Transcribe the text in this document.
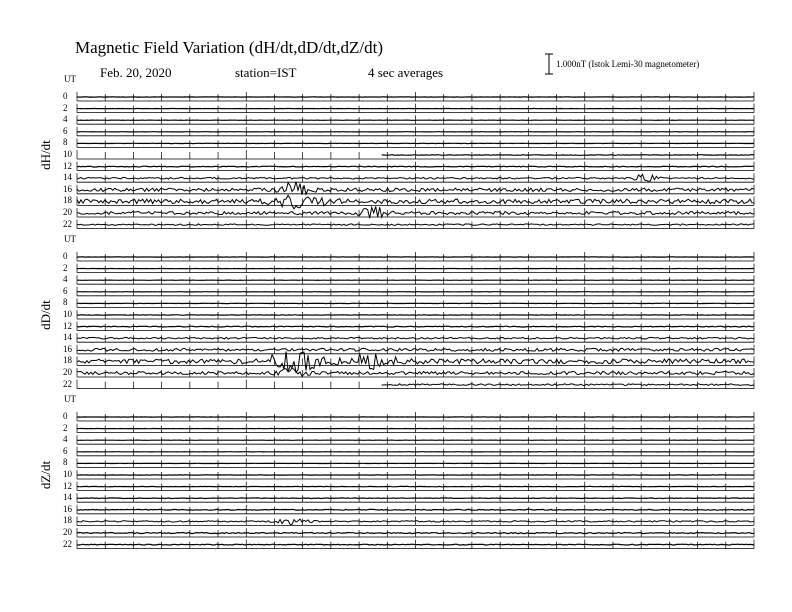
Magnetic Field Variation (dH/dt,dD/dt,dZ/dt)
Feb. 20, 2020	station=IST	4 sec averages
1.000nT (Istok Lemi-30 magnetometer)
UT
dH/dt
0
2
4
6
8
10
12
14
16
18
20
22
UT
dD/dt
0
2
4
6
8
10
12
14
16
18
20
22
UT
dZ/dt
0
2
4
6
8
10
12
14
16
18
20
22
